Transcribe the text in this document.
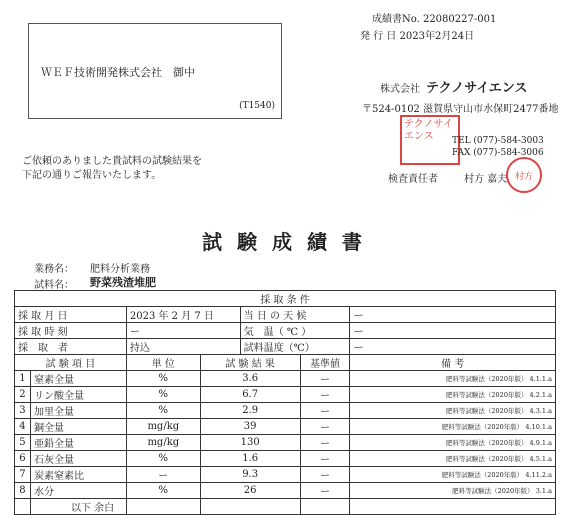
成績書No. 22080227-001
発 行 日 2023年2月24日
ＷＥＦ技術開発株式会社　御中
(T1540)
株式会社 テクノサイエンス
〒524-0102 滋賀県守山市水保町2477番地
テクノサイエンス	TEL (077)-584-3003
FAX (077)-584-3006
検査責任者	村方 嘉夫 村方
ご依頼のありました貴試料の試験結果を
下記の通りご報告いたします。
試 験 成 績 書
業務名： 肥料分析業務
試料名： 野菜残渣堆肥
採 取 条 件						
採 取 月 日		2023 年 2 月 7 日		当 日 の 天 候		ー
採 取 時 刻		ー		気　温（ ℃ ）		ー
採　取　者		持込		試料温度（℃）		ー
試 験 項 目		単 位	試 験 結 果		基準値	備 考
1	窒素全量	%	3.6		ー	肥料等試験法（2020年版） 4.1.1.a
2	リン酸全量	%	6.7		ー	肥料等試験法（2020年版） 4.2.1.a
3	加里全量	%	2.9		ー	肥料等試験法（2020年版） 4.3.1.a
4	銅全量	mg/kg	39		ー	肥料等試験法（2020年版） 4.10.1.a
5	亜鉛全量	mg/kg	130		ー	肥料等試験法（2020年版） 4.9.1.a
6	石灰全量	%	1.6		ー	肥料等試験法（2020年版） 4.5.1.a
7	炭素窒素比	ー	9.3		ー	肥料等試験法（2020年版） 4.11.2.a
8	水分	%	26		ー	肥料等試験法（2020年版） 3.1.a
	以下 余白					
